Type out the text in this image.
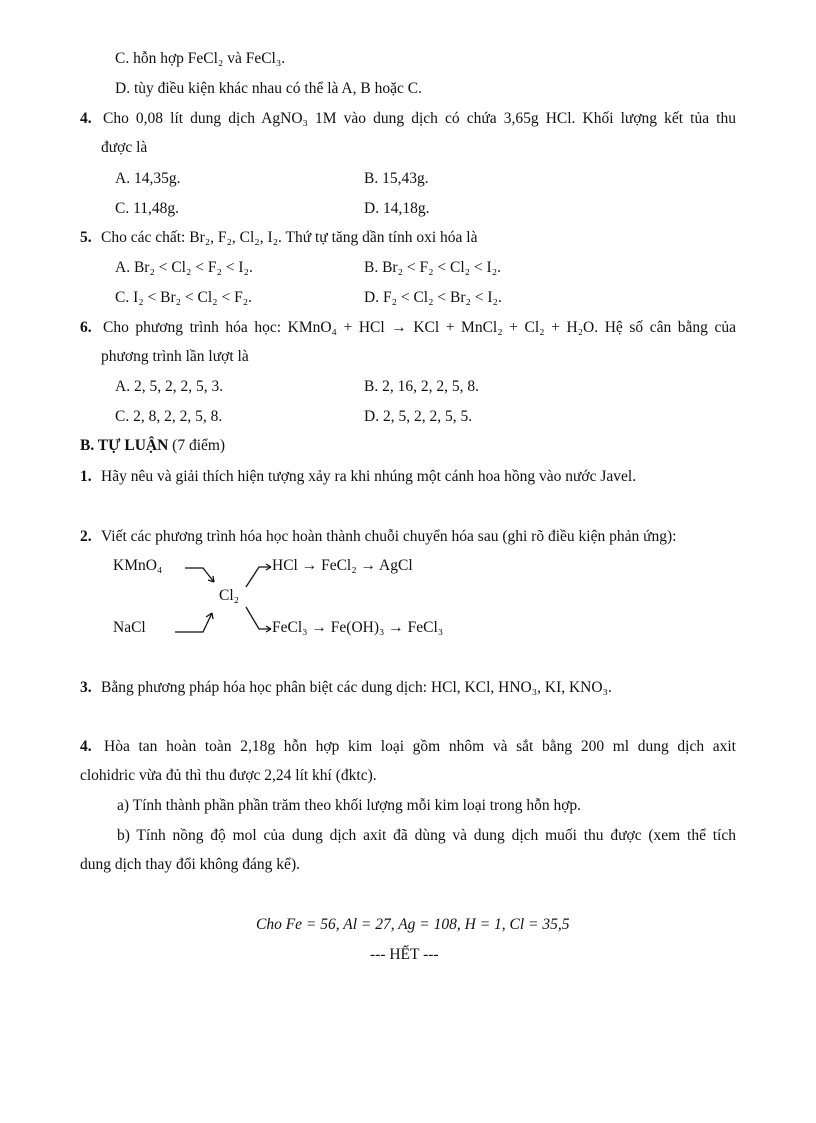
C. hỗn hợp FeCl₂ và FeCl₃.
D. tùy điều kiện khác nhau có thể là A, B hoặc C.
4. Cho 0,08 lít dung dịch AgNO₃ 1M vào dung dịch có chứa 3,65g HCl. Khối lượng kết tủa thu
được là
A. 14,35g.	B. 15,43g.
C. 11,48g.	D. 14,18g.
5. Cho các chất: Br₂, F₂, Cl₂, I₂. Thứ tự tăng dần tính oxi hóa là
A. Br₂ < Cl₂ < F₂ < I₂.	B. Br₂ < F₂ < Cl₂ < I₂.
C. I₂ < Br₂ < Cl₂ < F₂.	D. F₂ < Cl₂ < Br₂ < I₂.
6. Cho phương trình hóa học: KMnO₄ + HCl → KCl + MnCl₂ + Cl₂ + H₂O. Hệ số cân bằng của
phương trình lần lượt là
A. 2, 5, 2, 2, 5, 3.	B. 2, 16, 2, 2, 5, 8.
C. 2, 8, 2, 2, 5, 8.	D. 2, 5, 2, 2, 5, 5.
B. TỰ LUẬN (7 điểm)
1. Hãy nêu và giải thích hiện tượng xảy ra khi nhúng một cánh hoa hồng vào nước Javel.
2. Viết các phương trình hóa học hoàn thành chuỗi chuyển hóa sau (ghi rõ điều kiện phản ứng):
KMnO₄
NaCl
Cl₂
HCl → FeCl₂ → AgCl
FeCl₃ → Fe(OH)₃ → FeCl₃
3. Bằng phương pháp hóa học phân biệt các dung dịch: HCl, KCl, HNO₃, KI, KNO₃.
4. Hòa tan hoàn toàn 2,18g hỗn hợp kim loại gồm nhôm và sắt bằng 200 ml dung dịch axit
clohidric vừa đủ thì thu được 2,24 lít khí (đktc).
a) Tính thành phần phần trăm theo khối lượng mỗi kim loại trong hỗn hợp.
b) Tính nồng độ mol của dung dịch axit đã dùng và dung dịch muối thu được (xem thể tích
dung dịch thay đổi không đáng kể).
Cho Fe = 56, Al = 27, Ag = 108, H = 1, Cl = 35,5
--- HẾT ---
